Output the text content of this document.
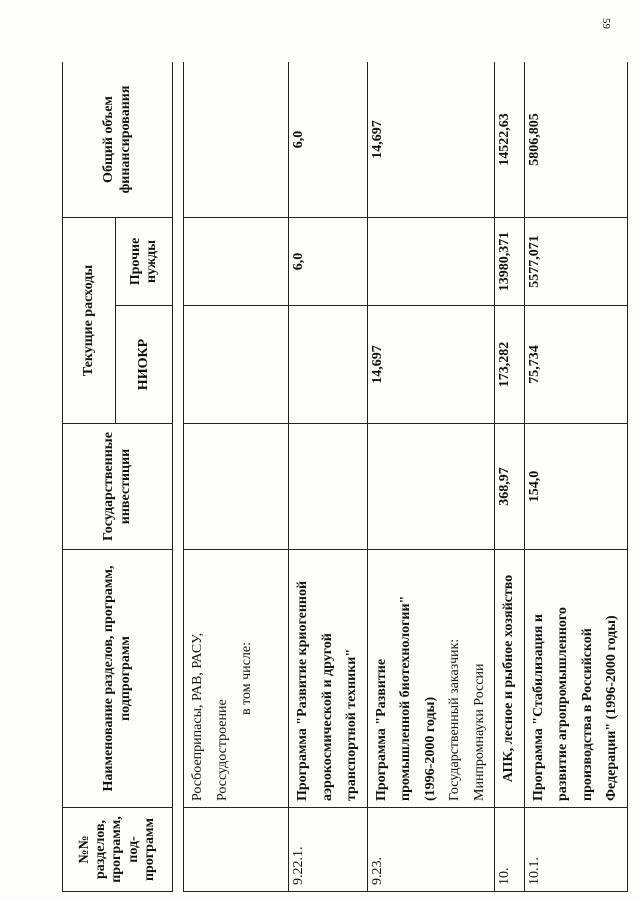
59
№№ разделов, программ, под-программ	Наименование разделов, программ, подпрограмм	Государственные инвестиции	Текущие расходы		Общий объем финансирования
			НИОКР	Прочие нужды	

	Росбоеприпасы, РАВ, РАСУ, Россудостроение
в том числе:				

9.22.1.	Программа "Развитие криогенной аэрокосмической и другой транспортной техники"			6,0	6,0
9.23.	Программа "Развитие промышленной биотехнологии" (1996-2000 годы) Государственный заказчик: Минпромнауки России		14,697		14,697
10.	АПК, лесное и рыбное хозяйство	368,97	173,282	13980,371	14522,63
10.1.	Программа "Стабилизация и развитие агропромышленного производства в Российской Федерации" (1996-2000 годы)	154,0	75,734	5577,071	5806,805
